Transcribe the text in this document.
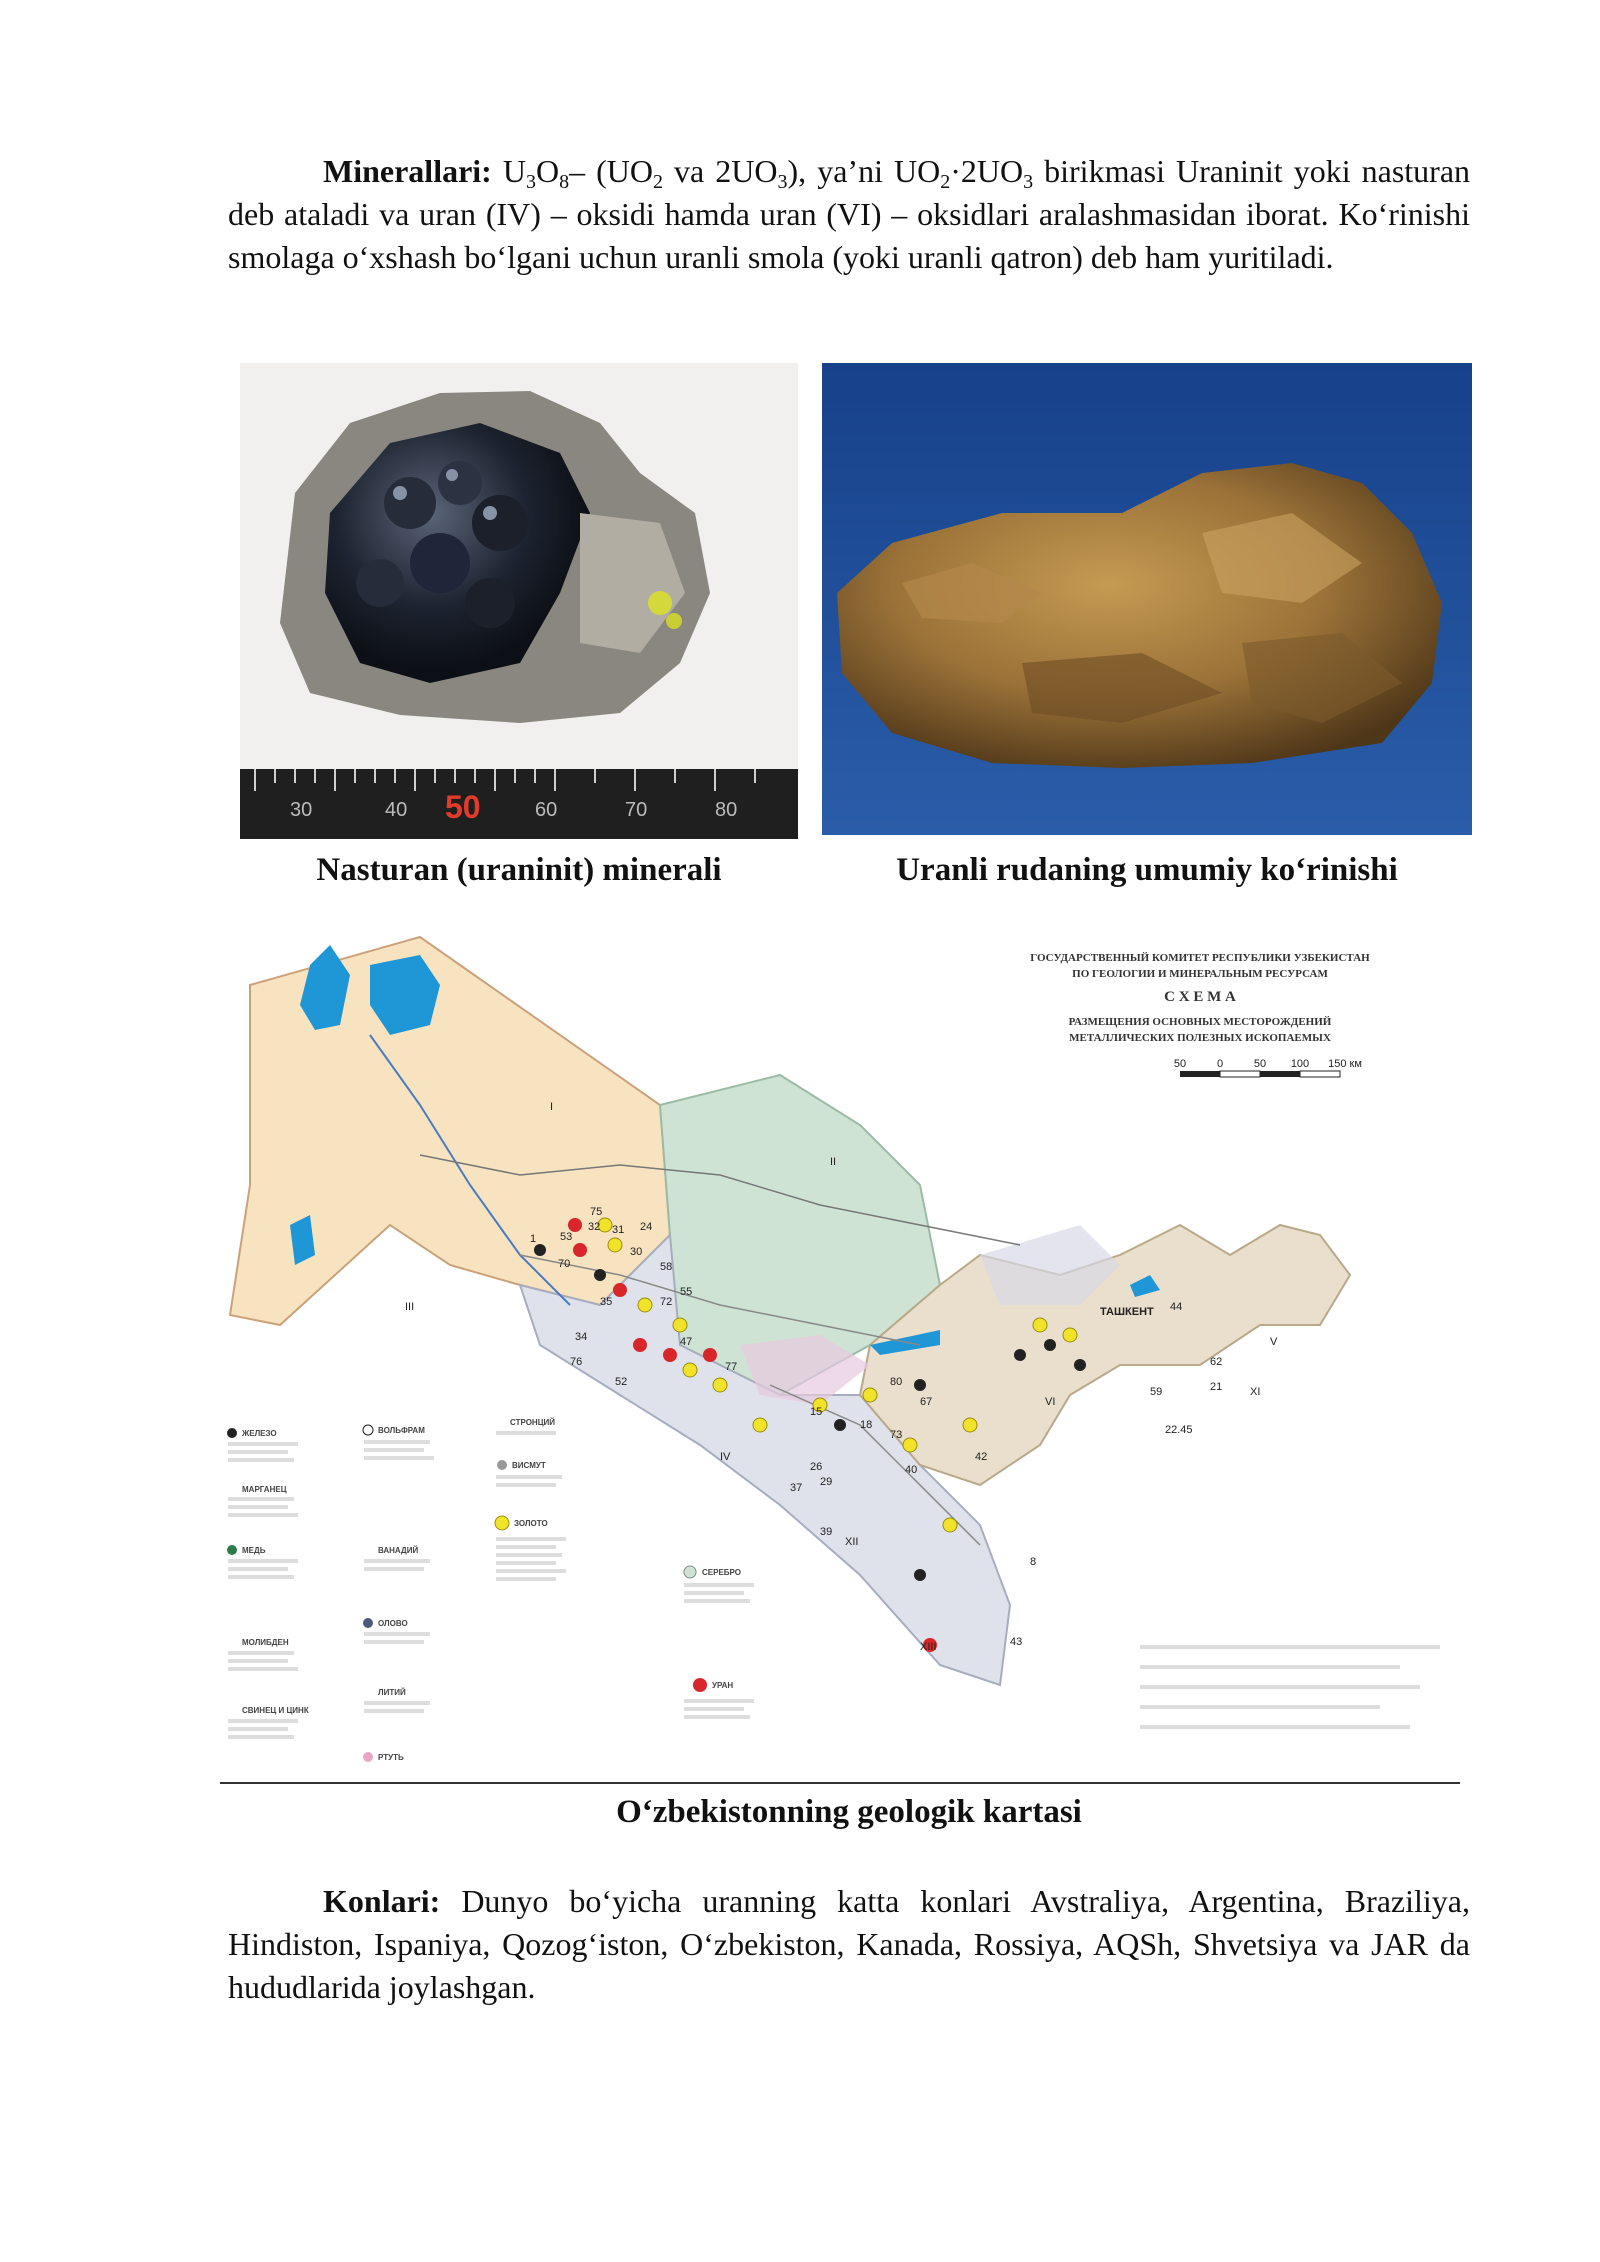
Minerallari: $U_3O_8-$ ($UO_2$ va $2UO_3$), ya’ni $UO_2\cdot 2UO_3$ birikmasi Uraninit yoki nasturan deb ataladi va uran (IV) – oksidi hamda uran (VI) – oksidlari aralashmasidan iborat. Ko‘rinishi smolaga o‘xshash bo‘lgani uchun uranli smola (yoki uranli qatron) deb ham yuritiladi.

30	40 50	60	70	80
Nasturan (uraninit) minerali	Uranli rudaning umumiy ko‘rinishi
ГОСУДАРСТВЕННЫЙ КОМИТЕТ РЕСПУБЛИКИ УЗБЕКИСТАН
ПО ГЕОЛОГИИ И МИНЕРАЛЬНЫМ РЕСУРСАМ
С Х Е М А
РАЗМЕЩЕНИЯ ОСНОВНЫХ МЕСТОРОЖДЕНИЙ
МЕТАЛЛИЧЕСКИХ ПОЛЕЗНЫХ ИСКОПАЕМЫХ
50	0	50 100 150 км
ТАШКЕНТ
I
II
III
IV
V
VI
XI
XII
XIII
1
75
32 31 24
53
70
30
58
55
35	72
34	47
76	77
52	80
67
15
18
73
40
42
37 29
43
8
44
62
21
22.45
26
39
59
ЖЕЛЕЗО
МАРГАНЕЦ
МЕДЬ
МОЛИБДЕН
СВИНЕЦ И ЦИНК
ВОЛЬФРАМ
ВАНАДИЙ
ОЛОВО
ЛИТИЙ
РТУТЬ
СТРОНЦИЙ
ВИСМУТ
ЗОЛОТО
СЕРЕБРО
УРАН
O‘zbekistonning geologik kartasi

Konlari: Dunyo bo‘yicha uranning katta konlari Avstraliya, Argentina, Braziliya, Hindiston, Ispaniya, Qozog‘iston, O‘zbekiston, Kanada, Rossiya, AQSh, Shvetsiya va JAR da hududlarida joylashgan.
